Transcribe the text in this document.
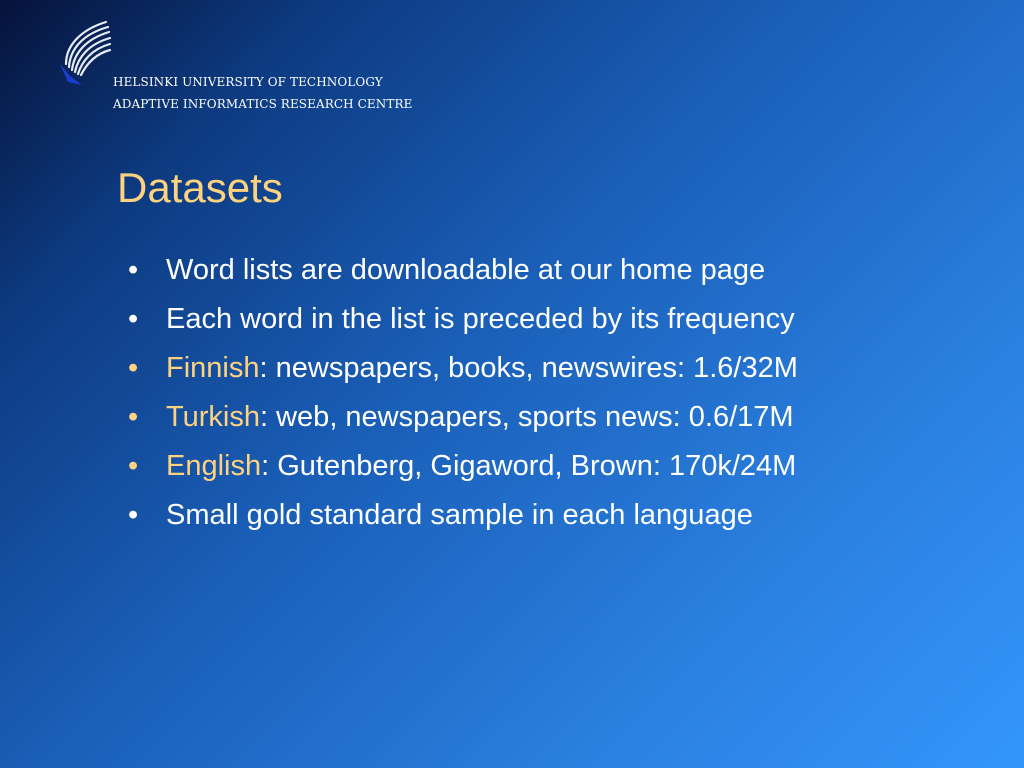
HELSINKI UNIVERSITY OF TECHNOLOGY
ADAPTIVE INFORMATICS RESEARCH CENTRE
Datasets
• Word lists are downloadable at our home page
• Each word in the list is preceded by its frequency
• Finnish: newspapers, books, newswires: 1.6/32M
• Turkish: web, newspapers, sports news: 0.6/17M
• English: Gutenberg, Gigaword, Brown: 170k/24M
• Small gold standard sample in each language
